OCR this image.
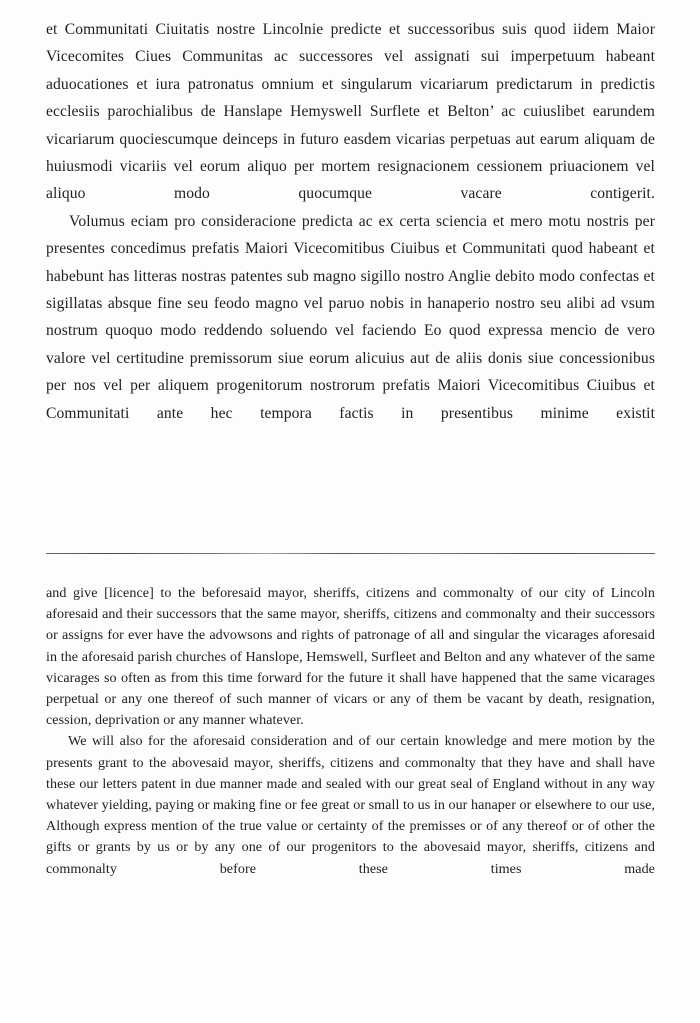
et Communitati Ciuitatis nostre Lincolnie predicte et successoribus suis quod iidem Maior Vicecomites Ciues Communitas ac successores vel assignati sui imperpetuum habeant aduocationes et iura patronatus omnium et singularum vicariarum predictarum in predictis ecclesiis parochialibus de Hanslape Hemyswell Surflete et Belton’ ac cuiuslibet earundem vicariarum quociescumque deinceps in futuro easdem vicarias perpetuas aut earum aliquam de huiusmodi vicariis vel eorum aliquo per mortem resignacionem cessionem priuacionem vel aliquo modo quocumque vacare contigerit.

Volumus eciam pro consideracione predicta ac ex certa sciencia et mero motu nostris per presentes concedimus prefatis Maiori Vicecomitibus Ciuibus et Communitati quod habeant et habebunt has litteras nostras patentes sub magno sigillo nostro Anglie debito modo confectas et sigillatas absque fine seu feodo magno vel paruo nobis in hanaperio nostro seu alibi ad vsum nostrum quoquo modo reddendo soluendo vel faciendo Eo quod expressa mencio de vero valore vel certitudine premissorum siue eorum alicuius aut de aliis donis siue concessionibus per nos vel per aliquem progenitorum nostrorum prefatis Maiori Vicecomitibus Ciuibus et Communitati ante hec tempora factis in presentibus minime existit

and give [licence] to the beforesaid mayor, sheriffs, citizens and commonalty of our city of Lincoln aforesaid and their successors that the same mayor, sheriffs, citizens and commonalty and their successors or assigns for ever have the advowsons and rights of patronage of all and singular the vicarages aforesaid in the aforesaid parish churches of Hanslope, Hemswell, Surfleet and Belton and any whatever of the same vicarages so often as from this time forward for the future it shall have happened that the same vicarages perpetual or any one thereof of such manner of vicars or any of them be vacant by death, resignation, cession, deprivation or any manner whatever.

We will also for the aforesaid consideration and of our certain knowledge and mere motion by the presents grant to the abovesaid mayor, sheriffs, citizens and commonalty that they have and shall have these our letters patent in due manner made and sealed with our great seal of England without in any way whatever yielding, paying or making fine or fee great or small to us in our hanaper or elsewhere to our use, Although express mention of the true value or certainty of the premisses or of any thereof or of other the gifts or grants by us or by any one of our progenitors to the abovesaid mayor, sheriffs, citizens and commonalty before these times made
